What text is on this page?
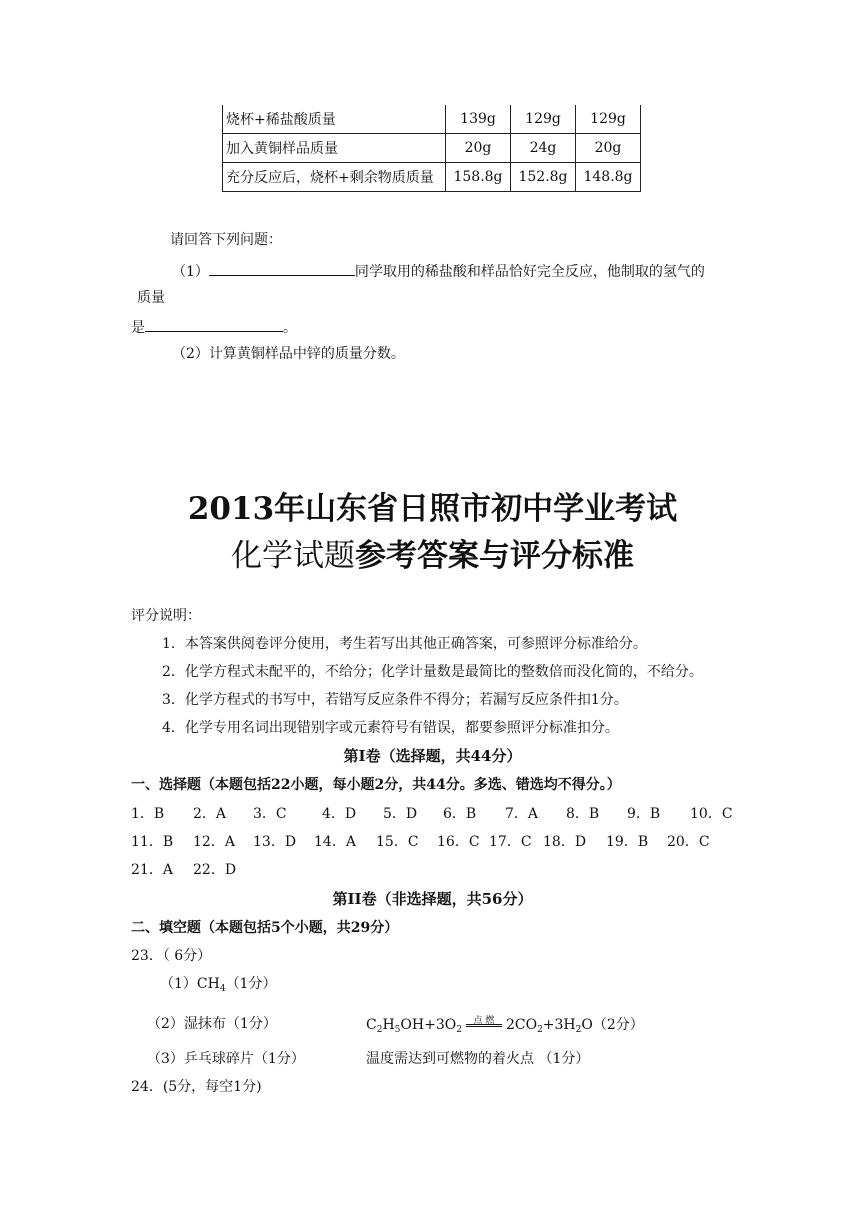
烧杯+稀盐酸质量	139g	129g	129g
加入黄铜样品质量	20g	24g	20g
充分反应后，烧杯+剩余物质质量	158.8g	152.8g	148.8g
请回答下列问题：
（1）	同学取用的稀盐酸和样品恰好完全反应，他制取的氢气的
质量
是	。
（2）计算黄铜样品中锌的质量分数。
2013年山东省日照市初中学业考试
化学试题参考答案与评分标准
评分说明：
1．本答案供阅卷评分使用，考生若写出其他正确答案，可参照评分标准给分。
2．化学方程式未配平的，不给分；化学计量数是最简比的整数倍而没化简的，不给分。
3．化学方程式的书写中，若错写反应条件不得分；若漏写反应条件扣1分。
4．化学专用名词出现错别字或元素符号有错误，都要参照评分标准扣分。
第Ⅰ卷（选择题，共44分）
一、选择题（本题包括22小题，每小题2分，共44分。多选、错选均不得分。）
1．B 2．A 3．C	4．D 5．D 6．B 7．A 8．B 9．B 10．C
11．B 12．A 13．D 14．A 15．C 16．C 17．C 18．D 19．B 20．C
21．A 22．D
第II卷（非选择题，共56分）
二、填空题（本题包括5个小题，共29分）
23．（ 6分）
$(1)CH_4(1$分）
（2）湿抹布（1分）	$C_2H_5OH+3O_2$点 燃 $2CO_2+3H_2O(2$分）
（3）乒乓球碎片（1分）	温度需达到可燃物的着火点 （1分）
24．(5分，每空1分)
